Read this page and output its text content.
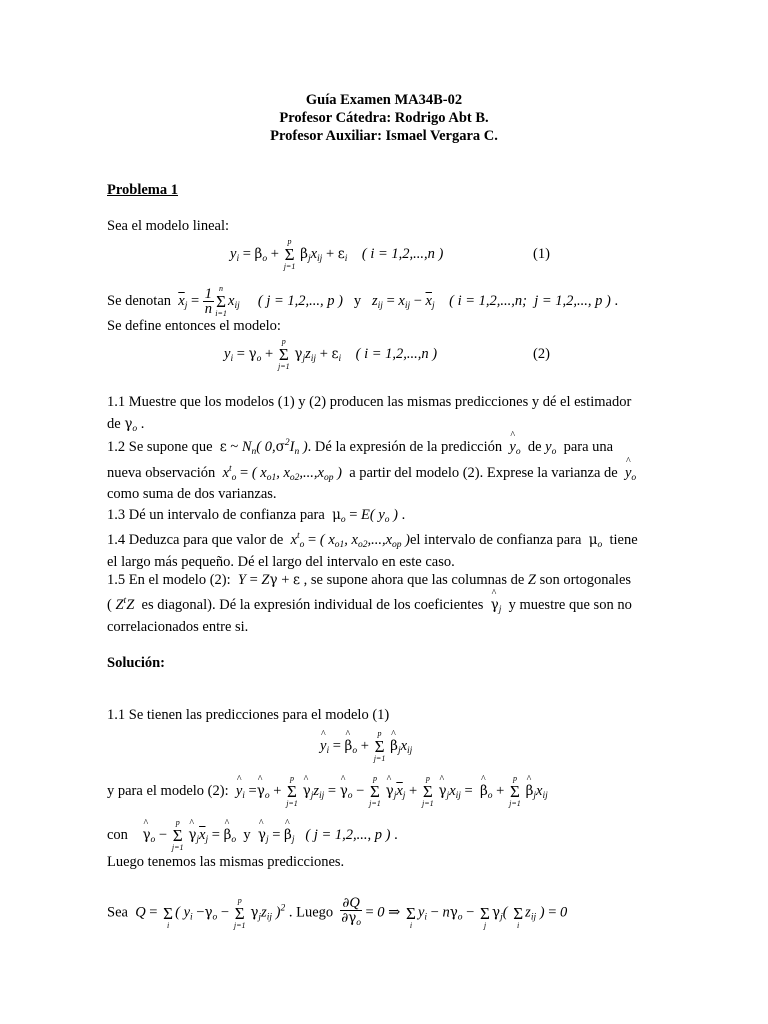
Guía Examen MA34B-02
Profesor Cátedra: Rodrigo Abt B.
Profesor Auxiliar: Ismael Vergara C.
Problema 1
Sea el modelo lineal:
$y_i = \beta_o$ +
p
Σ
j=1
$\beta_jx_{ij} + \varepsilon_i$ ( i = 1,2,...,n )	(1)
Se denotan $\overline{x}_j = \frac{1}{n}$ n
Σ
i=1
$x_{ij}$ ( j = 1,2,..., p ) y $z_{ij} = x_{ij} - \overline{x}_j$ ( i = 1,2,...,n;  j = 1,2,..., p ) .
Se define entonces el modelo:
$y_i = \gamma_o$ +
p
Σ
j=1
$\gamma_jz_{ij} + \varepsilon_i$ ( i = 1,2,...,n )	(2)
1.1 Muestre que los modelos (1) y (2) producen las mismas predicciones y dé el estimador
de $\gamma_o$ .
1.2 Se supone que ε ~ $N_n$( $0,\sigma^2I_n$ ). Dé la expresión de la predicción ^ $y_o$ de $y_o$ para una
nueva observación $x^t_o$ = ( $x_{o1}$, $x_{o2},...,x_{op}$ ) a partir del modelo (2). Exprese la varianza de ^ $y_o$
como suma de dos varianzas.
1.3 Dé un intervalo de confianza para $\mu_o = E$( $y_o$ ) .
1.4 Deduzca para que valor de $x^t_o$ = ( $x_{o1}$, $x_{o2},...,x_{op}$ )el intervalo de confianza para $\mu_o$ tiene
el largo más pequeño. Dé el largo del intervalo en este caso.
1.5 En el modelo (2): Y = Zγ + ε , se supone ahora que las columnas de Z son ortogonales
( $Z^tZ$ es diagonal). Dé la expresión individual de los coeficientes ^ $\gamma_j$ y muestre que son no
correlacionados entre si.
Solución:
1.1 Se tienen las predicciones para el modelo (1)
^ $y_i$ = ^ $\beta_o$ +
p
Σ
j=1
^ $\beta_jx_{ij}$
y para el modelo (2): ^ $y_i$ =^ $\gamma_o$ +
p
Σ
j=1
^ $\gamma_jz_{ij}$ = ^ $\gamma_o$ −
p
Σ
j=1
^ $\gamma_j\overline{x}_j$ +
p
Σ
j=1
^ $\gamma_jx_{ij}$ =  ^ $\beta_o$ +
p
Σ
j=1
^ $\beta_jx_{ij}$
con ^ $\gamma_o$ −
p
Σ
j=1
^ $\gamma_j\overline{x}_j$ = ^ $\beta_o$ y ^ $\gamma_j$ = ^ $\beta_j$ ( j = 1,2,..., p ) .
Luego tenemos las mismas predicciones.
Sea Q =
Σ
i
( $y_i -\gamma_o$ −
p
Σ
j=1
$\gamma_jz_{ij}$ )$^2$ . Luego $\frac{\partial Q}{\partial\gamma_o} = 0$ ⇒
Σ
i
$y_i - n\gamma_o$ −
Σ
j
$\gamma_j$(
Σ
i
$z_{ij}$ ) = 0
